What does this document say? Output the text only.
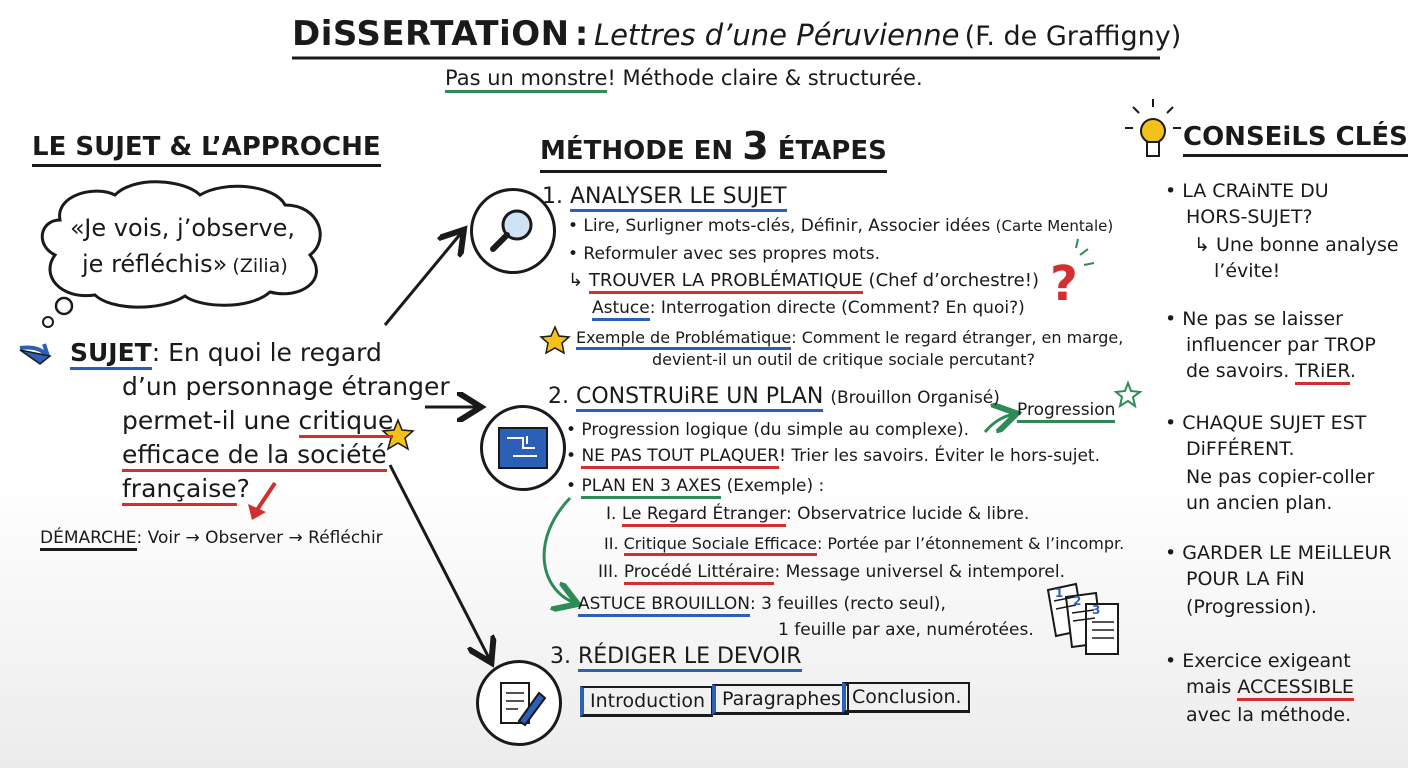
?
1
2
3
DiSSERTATiON : Lettres d’une Péruvienne (F. de Graffigny)
Pas un monstre! Méthode claire & structurée.
LE SUJET & L’APPROCHE
«Je vois, j’observe,
je réfléchis» (Zilia)
SUJET: En quoi le regard
d’un personnage étranger
permet-il une critique
efficace de la société
française?
DÉMARCHE: Voir → Observer → Réfléchir
MÉTHODE EN 3 ÉTAPES
1. ANALYSER LE SUJET
• Lire, Surligner mots-clés, Définir, Associer idées (Carte Mentale)
• Reformuler avec ses propres mots.
↳ TROUVER LA PROBLÉMATIQUE (Chef d’orchestre!)
Astuce: Interrogation directe (Comment? En quoi?)
Exemple de Problématique: Comment le regard étranger, en marge,
devient-il un outil de critique sociale percutant?
2. CONSTRUiRE UN PLAN (Brouillon Organisé)
Progression
• Progression logique (du simple au complexe).
• NE PAS TOUT PLAQUER! Trier les savoirs. Éviter le hors-sujet.
• PLAN EN 3 AXES (Exemple) :
I. Le Regard Étranger: Observatrice lucide & libre.
II. Critique Sociale Efficace: Portée par l’étonnement & l’incompr.
III. Procédé Littéraire: Message universel & intemporel.
ASTUCE BROUILLON: 3 feuilles (recto seul),
1 feuille par axe, numérotées.
3. RÉDIGER LE DEVOIR
Introduction Paragraphes Conclusion.
CONSEiLS CLÉS
• LA CRAiNTE DU
HORS-SUJET?
↳ Une bonne analyse
l’évite!
• Ne pas se laisser
influencer par TROP
de savoirs. TRiER.
• CHAQUE SUJET EST
DiFFÉRENT.
Ne pas copier-coller
un ancien plan.
• GARDER LE MEiLLEUR
POUR LA FiN
(Progression).
• Exercice exigeant
mais ACCESSIBLE
avec la méthode.
